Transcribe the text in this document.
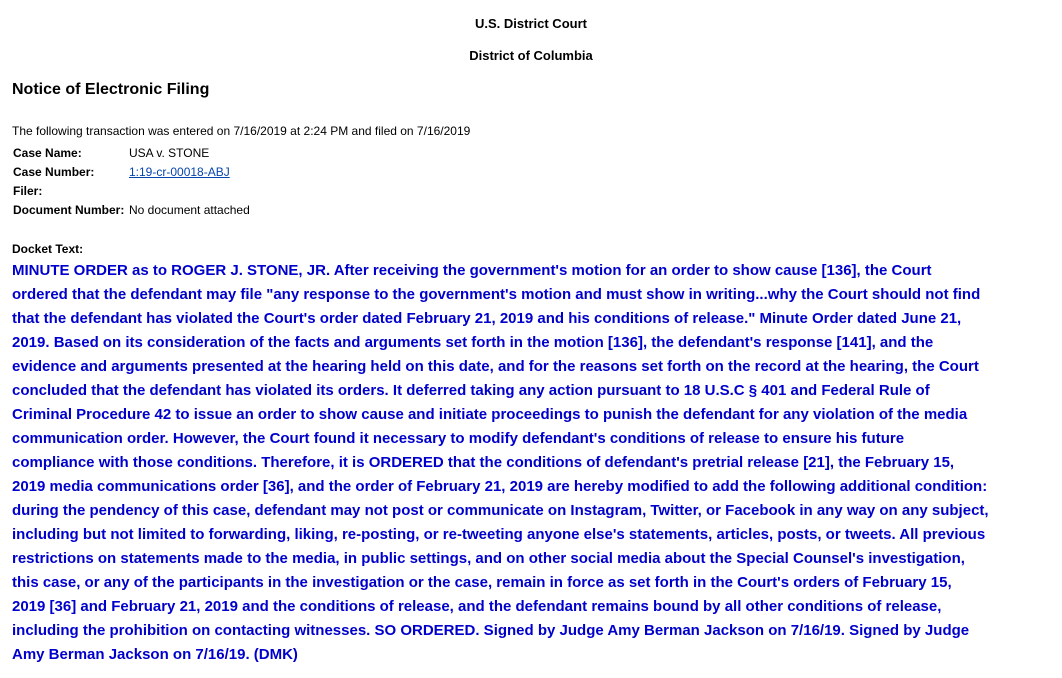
U.S. District Court
District of Columbia
Notice of Electronic Filing
The following transaction was entered on 7/16/2019 at 2:24 PM and filed on 7/16/2019
Case Name:	USA v. STONE
Case Number:	1:19-cr-00018-ABJ
Filer:	
Document Number:	No document attached
Docket Text:
MINUTE ORDER as to ROGER J. STONE, JR. After receiving the government's motion for an order to show cause [136], the Court
ordered that the defendant may file "any response to the government's motion and must show in writing...why the Court should not find
that the defendant has violated the Court's order dated February 21, 2019 and his conditions of release." Minute Order dated June 21,
2019. Based on its consideration of the facts and arguments set forth in the motion [136], the defendant's response [141], and the
evidence and arguments presented at the hearing held on this date, and for the reasons set forth on the record at the hearing, the Court
concluded that the defendant has violated its orders. It deferred taking any action pursuant to 18 U.S.C § 401 and Federal Rule of
Criminal Procedure 42 to issue an order to show cause and initiate proceedings to punish the defendant for any violation of the media
communication order. However, the Court found it necessary to modify defendant's conditions of release to ensure his future
compliance with those conditions. Therefore, it is ORDERED that the conditions of defendant's pretrial release [21], the February 15,
2019 media communications order [36], and the order of February 21, 2019 are hereby modified to add the following additional condition:
during the pendency of this case, defendant may not post or communicate on Instagram, Twitter, or Facebook in any way on any subject,
including but not limited to forwarding, liking, re-posting, or re-tweeting anyone else's statements, articles, posts, or tweets. All previous
restrictions on statements made to the media, in public settings, and on other social media about the Special Counsel's investigation,
this case, or any of the participants in the investigation or the case, remain in force as set forth in the Court's orders of February 15,
2019 [36] and February 21, 2019 and the conditions of release, and the defendant remains bound by all other conditions of release,
including the prohibition on contacting witnesses. SO ORDERED. Signed by Judge Amy Berman Jackson on 7/16/19. Signed by Judge
Amy Berman Jackson on 7/16/19. (DMK)
